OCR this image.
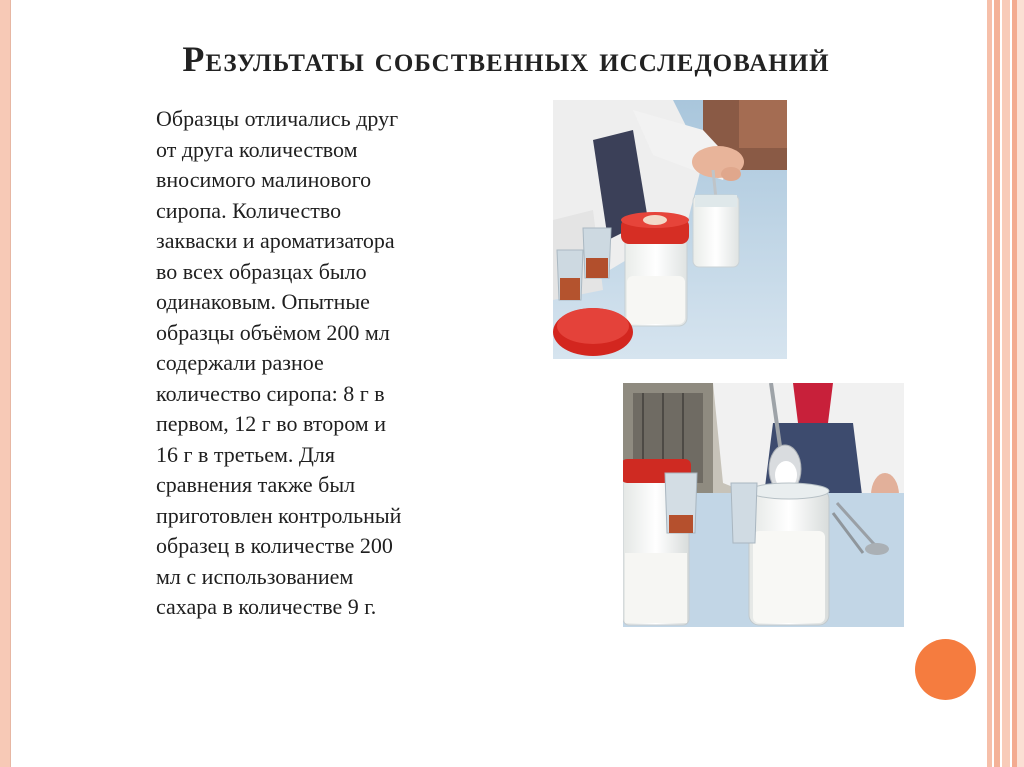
Результаты собственных исследований
Образцы отличались друг
от друга количеством
вносимого малинового
сиропа. Количество
закваски и ароматизатора
во всех образцах было
одинаковым. Опытные
образцы объёмом 200 мл
содержали разное
количество сиропа: 8 г в
первом, 12 г во втором и
16 г в третьем. Для
сравнения также был
приготовлен контрольный
образец в количестве 200
мл с использованием
сахара в количестве 9 г.
